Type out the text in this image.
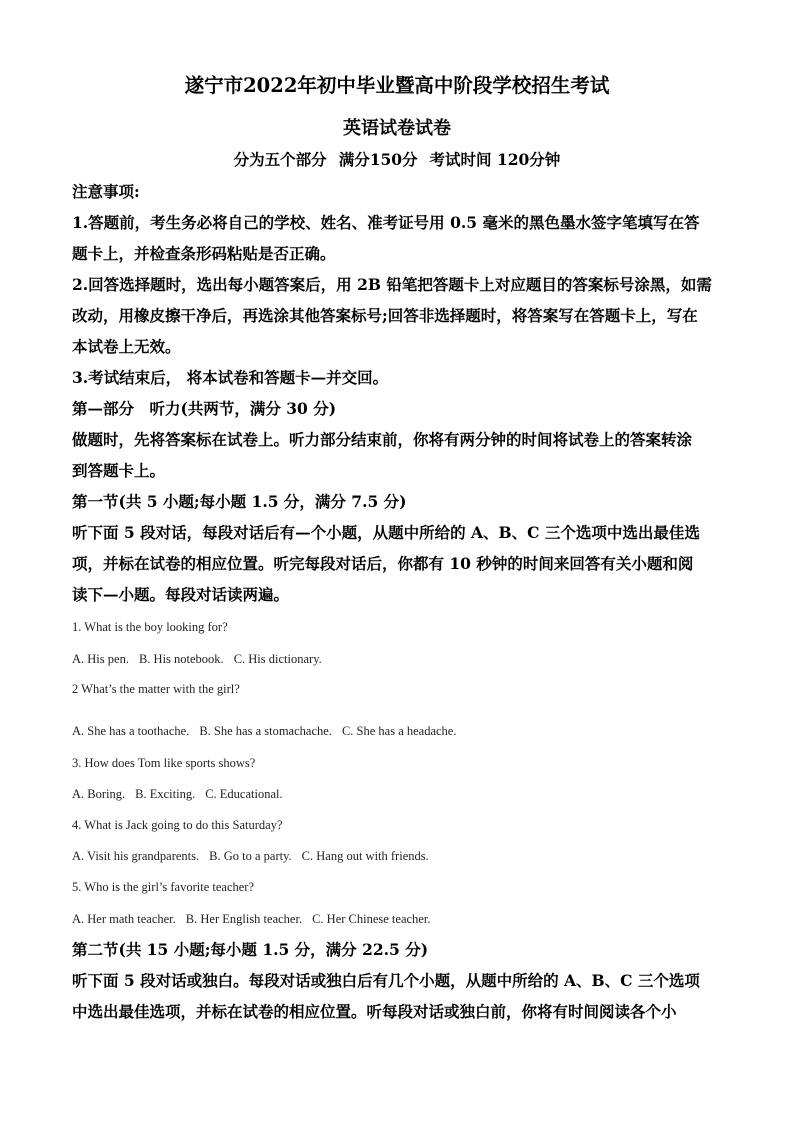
遂宁市2022年初中毕业暨高中阶段学校招生考试
英语试卷试卷
分为五个部分 满分150分 考试时间 120分钟
注意事项:
1.答题前，考生务必将自己的学校、姓名、准考证号用 0.5 毫米的黑色墨水签字笔填写在答
题卡上，并检查条形码粘贴是否正确。
2.回答选择题时，选出每小题答案后，用 2B 铅笔把答题卡上对应题目的答案标号涂黑，如需
改动，用橡皮擦干净后，再选涂其他答案标号;回答非选择题时，将答案写在答题卡上，写在
本试卷上无效。
3.考试结束后， 将本试卷和答题卡—并交回。
第—部分　听力(共两节，满分 30 分)
做题时，先将答案标在试卷上。听力部分结束前，你将有两分钟的时间将试卷上的答案转涂
到答题卡上。
第一节(共 5 小题;每小题 1.5 分，满分 7.5 分)
听下面 5 段对话，每段对话后有—个小题，从题中所给的 A、B、C 三个选项中选出最佳选
项，并标在试卷的相应位置。听完每段对话后，你都有 10 秒钟的时间来回答有关小题和阅
读下—小题。每段对话读两遍。
1. What is the boy looking for?
A. His pen. B. His notebook. C. His dictionary.
2 What’s the matter with the girl?
A. She has a toothache. B. She has a stomachache. C. She has a headache.
3. How does Tom like sports shows?
A. Boring. B. Exciting. C. Educational.
4. What is Jack going to do this Saturday?
A. Visit his grandparents. B. Go to a party. C. Hang out with friends.
5. Who is the girl’s favorite teacher?
A. Her math teacher. B. Her English teacher. C. Her Chinese teacher.
第二节(共 15 小题;每小题 1.5 分，满分 22.5 分)
听下面 5 段对话或独白。每段对话或独白后有几个小题，从题中所给的 A、B、C 三个选项
中选出最佳选项，并标在试卷的相应位置。听每段对话或独白前，你将有时间阅读各个小
